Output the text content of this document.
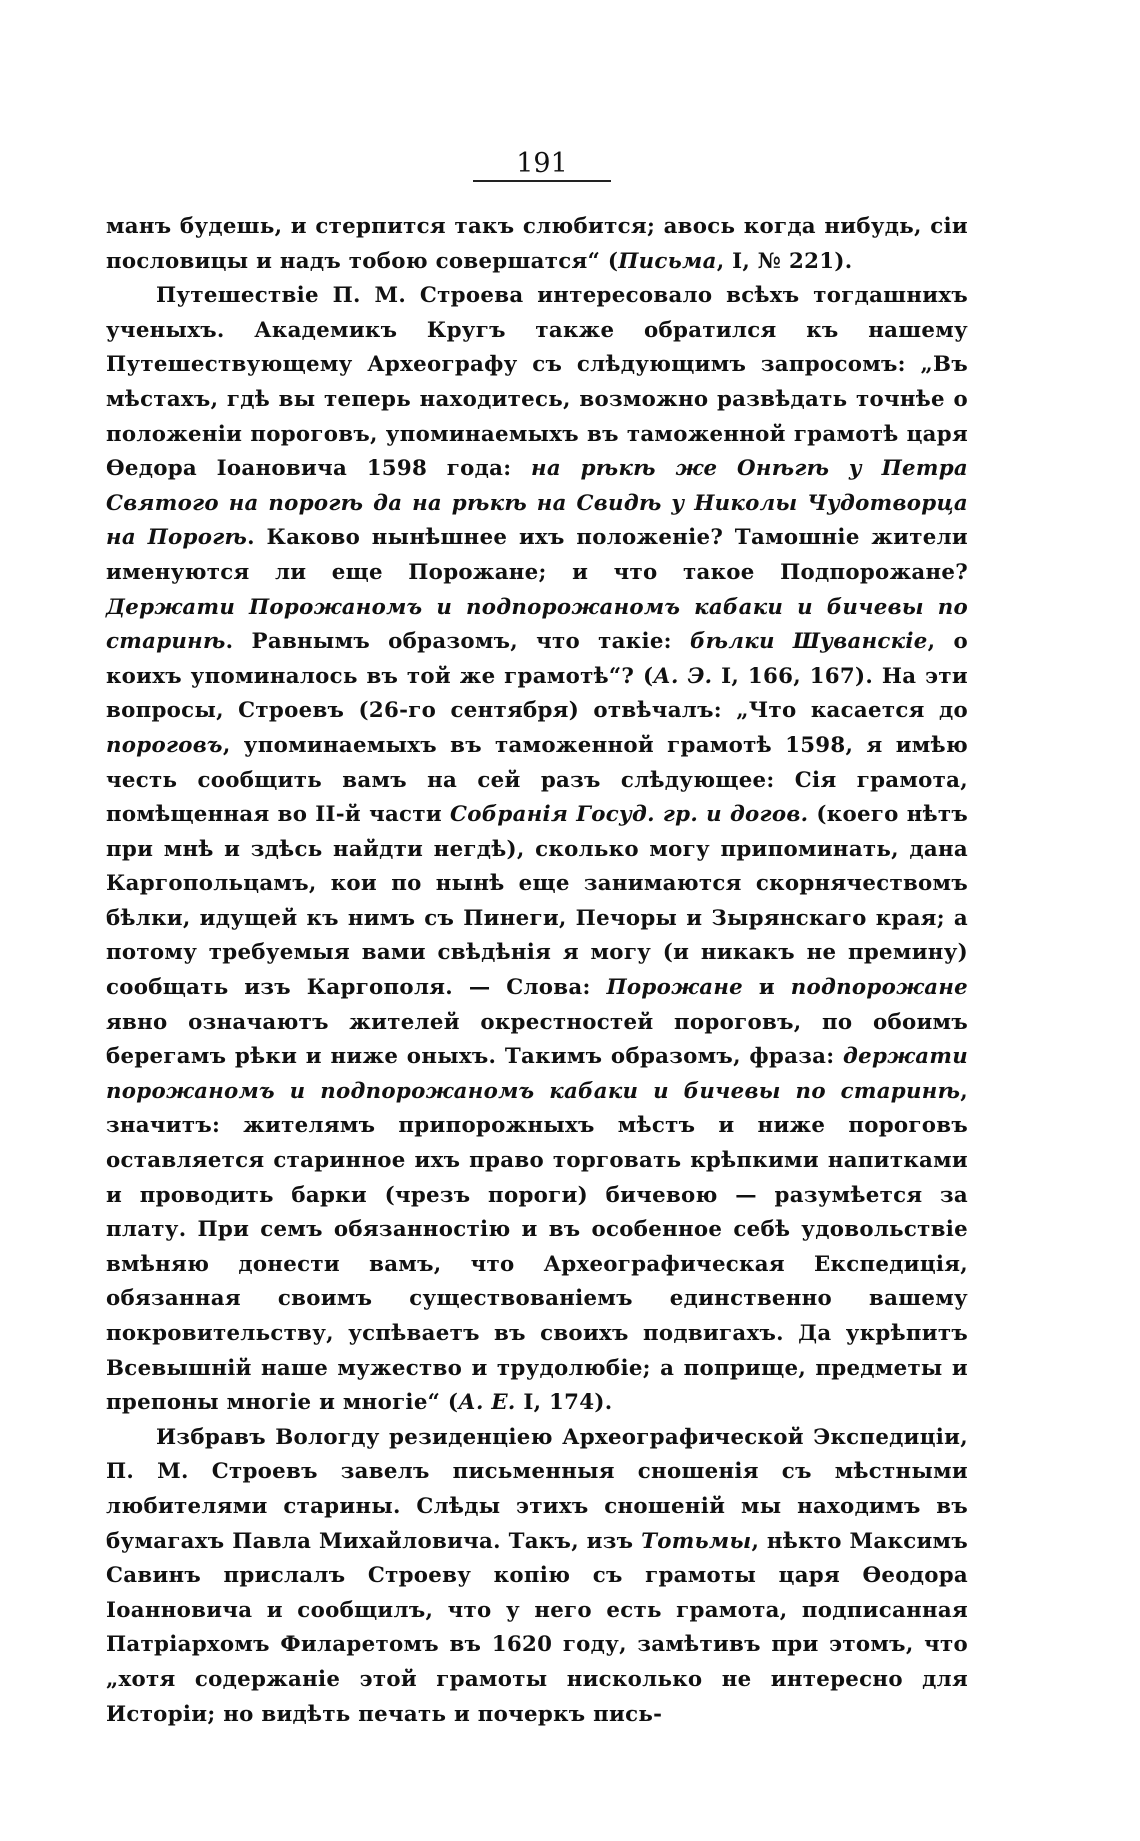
191

манъ будешь, и стерпится такъ слюбится; авось когда нибудь, сіи пословицы и надъ тобою совершатся“ (Письма, I, № 221).

Путешествіе П. М. Строева интересовало всѣхъ тогдашнихъ ученыхъ. Академикъ Кругъ также обратился къ нашему Путешествующему Археографу съ слѣдующимъ запросомъ: „Въ мѣстахъ, гдѣ вы теперь находитесь, возможно развѣдать точнѣе о положеніи пороговъ, упоминаемыхъ въ таможенной грамотѣ царя Ѳедора Іоановича 1598 года: на рѣкѣ же Онѣгѣ у Петра Святого на порогѣ да на рѣкѣ на Свидѣ у Николы Чудотворца на Порогѣ. Каково нынѣшнее ихъ положеніе? Тамошніе жители именуются ли еще Порожане; и что такое Подпорожане? Держати Порожаномъ и подпорожаномъ кабаки и бичевы по старинѣ. Равнымъ образомъ, что такіе: бѣлки Шуванскіе, о коихъ упоминалось въ той же грамотѣ“? (А. Э. I, 166, 167). На эти вопросы, Строевъ (26-го сентября) отвѣчалъ: „Что касается до пороговъ, упоминаемыхъ въ таможенной грамотѣ 1598, я имѣю честь сообщить вамъ на сей разъ слѣдующее: Сія грамота, помѣщенная во II-й части Собранія Госуд. гр. и догов. (коего нѣтъ при мнѣ и здѣсь найдти негдѣ), сколько могу припоминать, дана Каргопольцамъ, кои по нынѣ еще занимаются скорнячествомъ бѣлки, идущей къ нимъ съ Пинеги, Печоры и Зырянскаго края; а потому требуемыя вами свѣдѣнія я могу (и никакъ не премину) сообщать изъ Каргополя. — Слова: Порожане и подпорожане явно означаютъ жителей окрестностей пороговъ, по обоимъ берегамъ рѣки и ниже оныхъ. Такимъ образомъ, фраза: держати порожаномъ и подпорожаномъ кабаки и бичевы по старинѣ, значитъ: жителямъ припорожныхъ мѣстъ и ниже пороговъ оставляется старинное ихъ право торговать крѣпкими напитками и проводить барки (чрезъ пороги) бичевою — разумѣется за плату. При семъ обязанностію и въ особенное себѣ удовольствіе вмѣняю донести вамъ, что Археографическая Експедиція, обязанная своимъ существованіемъ единственно вашему покровительству, успѣваетъ въ своихъ подвигахъ. Да укрѣпитъ Всевышній наше мужество и трудолюбіе; а поприще, предметы и препоны многіе и многіе“ (А. Е. I, 174).

Избравъ Вологду резиденціею Археографической Экспедиціи, П. М. Строевъ завелъ письменныя сношенія съ мѣстными любителями старины. Слѣды этихъ сношеній мы находимъ въ бумагахъ Павла Михайловича. Такъ, изъ Тотьмы, нѣкто Максимъ Савинъ прислалъ Строеву копію съ грамоты царя Ѳеодора Іоанновича и сообщилъ, что у него есть грамота, подписанная Патріархомъ Филаретомъ въ 1620 году, замѣтивъ при этомъ, что „хотя содержаніе этой грамоты нисколько не интересно для Исторіи; но видѣть печать и почеркъ пись-
